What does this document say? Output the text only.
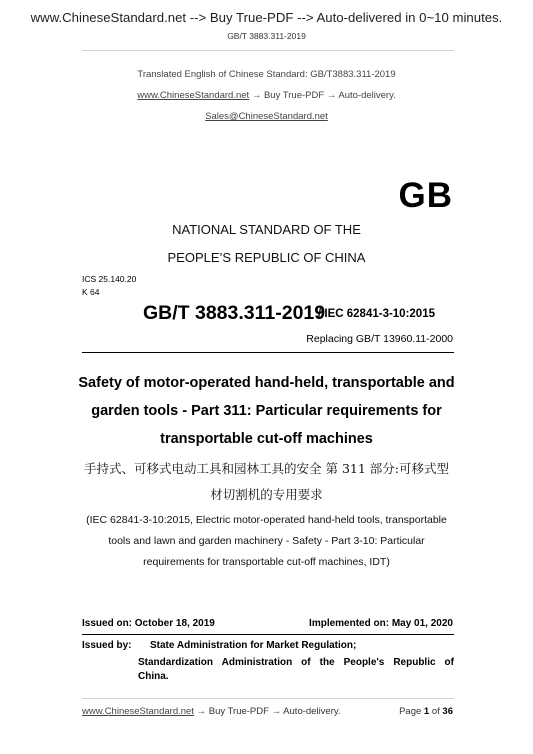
www.ChineseStandard.net --> Buy True-PDF --> Auto-delivered in 0~10 minutes.
GB/T 3883.311-2019
Translated English of Chinese Standard: GB/T3883.311-2019
www.ChineseStandard.net → Buy True-PDF → Auto-delivery.
Sales@ChineseStandard.net
GB
NATIONAL STANDARD OF THE
PEOPLE’S REPUBLIC OF CHINA
ICS 25.140.20
K 64
GB/T 3883.311-2019
/ IEC 62841-3-10:2015
Replacing GB/T 13960.11-2000
Safety of motor-operated hand-held, transportable and
garden tools - Part 311: Particular requirements for
transportable cut-off machines
手持式、可移式电动工具和园林工具的安全 第 311 部分:可移式型
材切割机的专用要求
(IEC 62841-3-10:2015, Electric motor-operated hand-held tools, transportable
tools and lawn and garden machinery - Safety - Part 3-10: Particular
requirements for transportable cut-off machines, IDT)
Issued on: October 18, 2019	Implemented on: May 01, 2020
Issued by: State Administration for Market Regulation;
Standardization Administration of the People's Republic of
China.
www.ChineseStandard.net → Buy True-PDF → Auto-delivery.	Page 1 of 36
